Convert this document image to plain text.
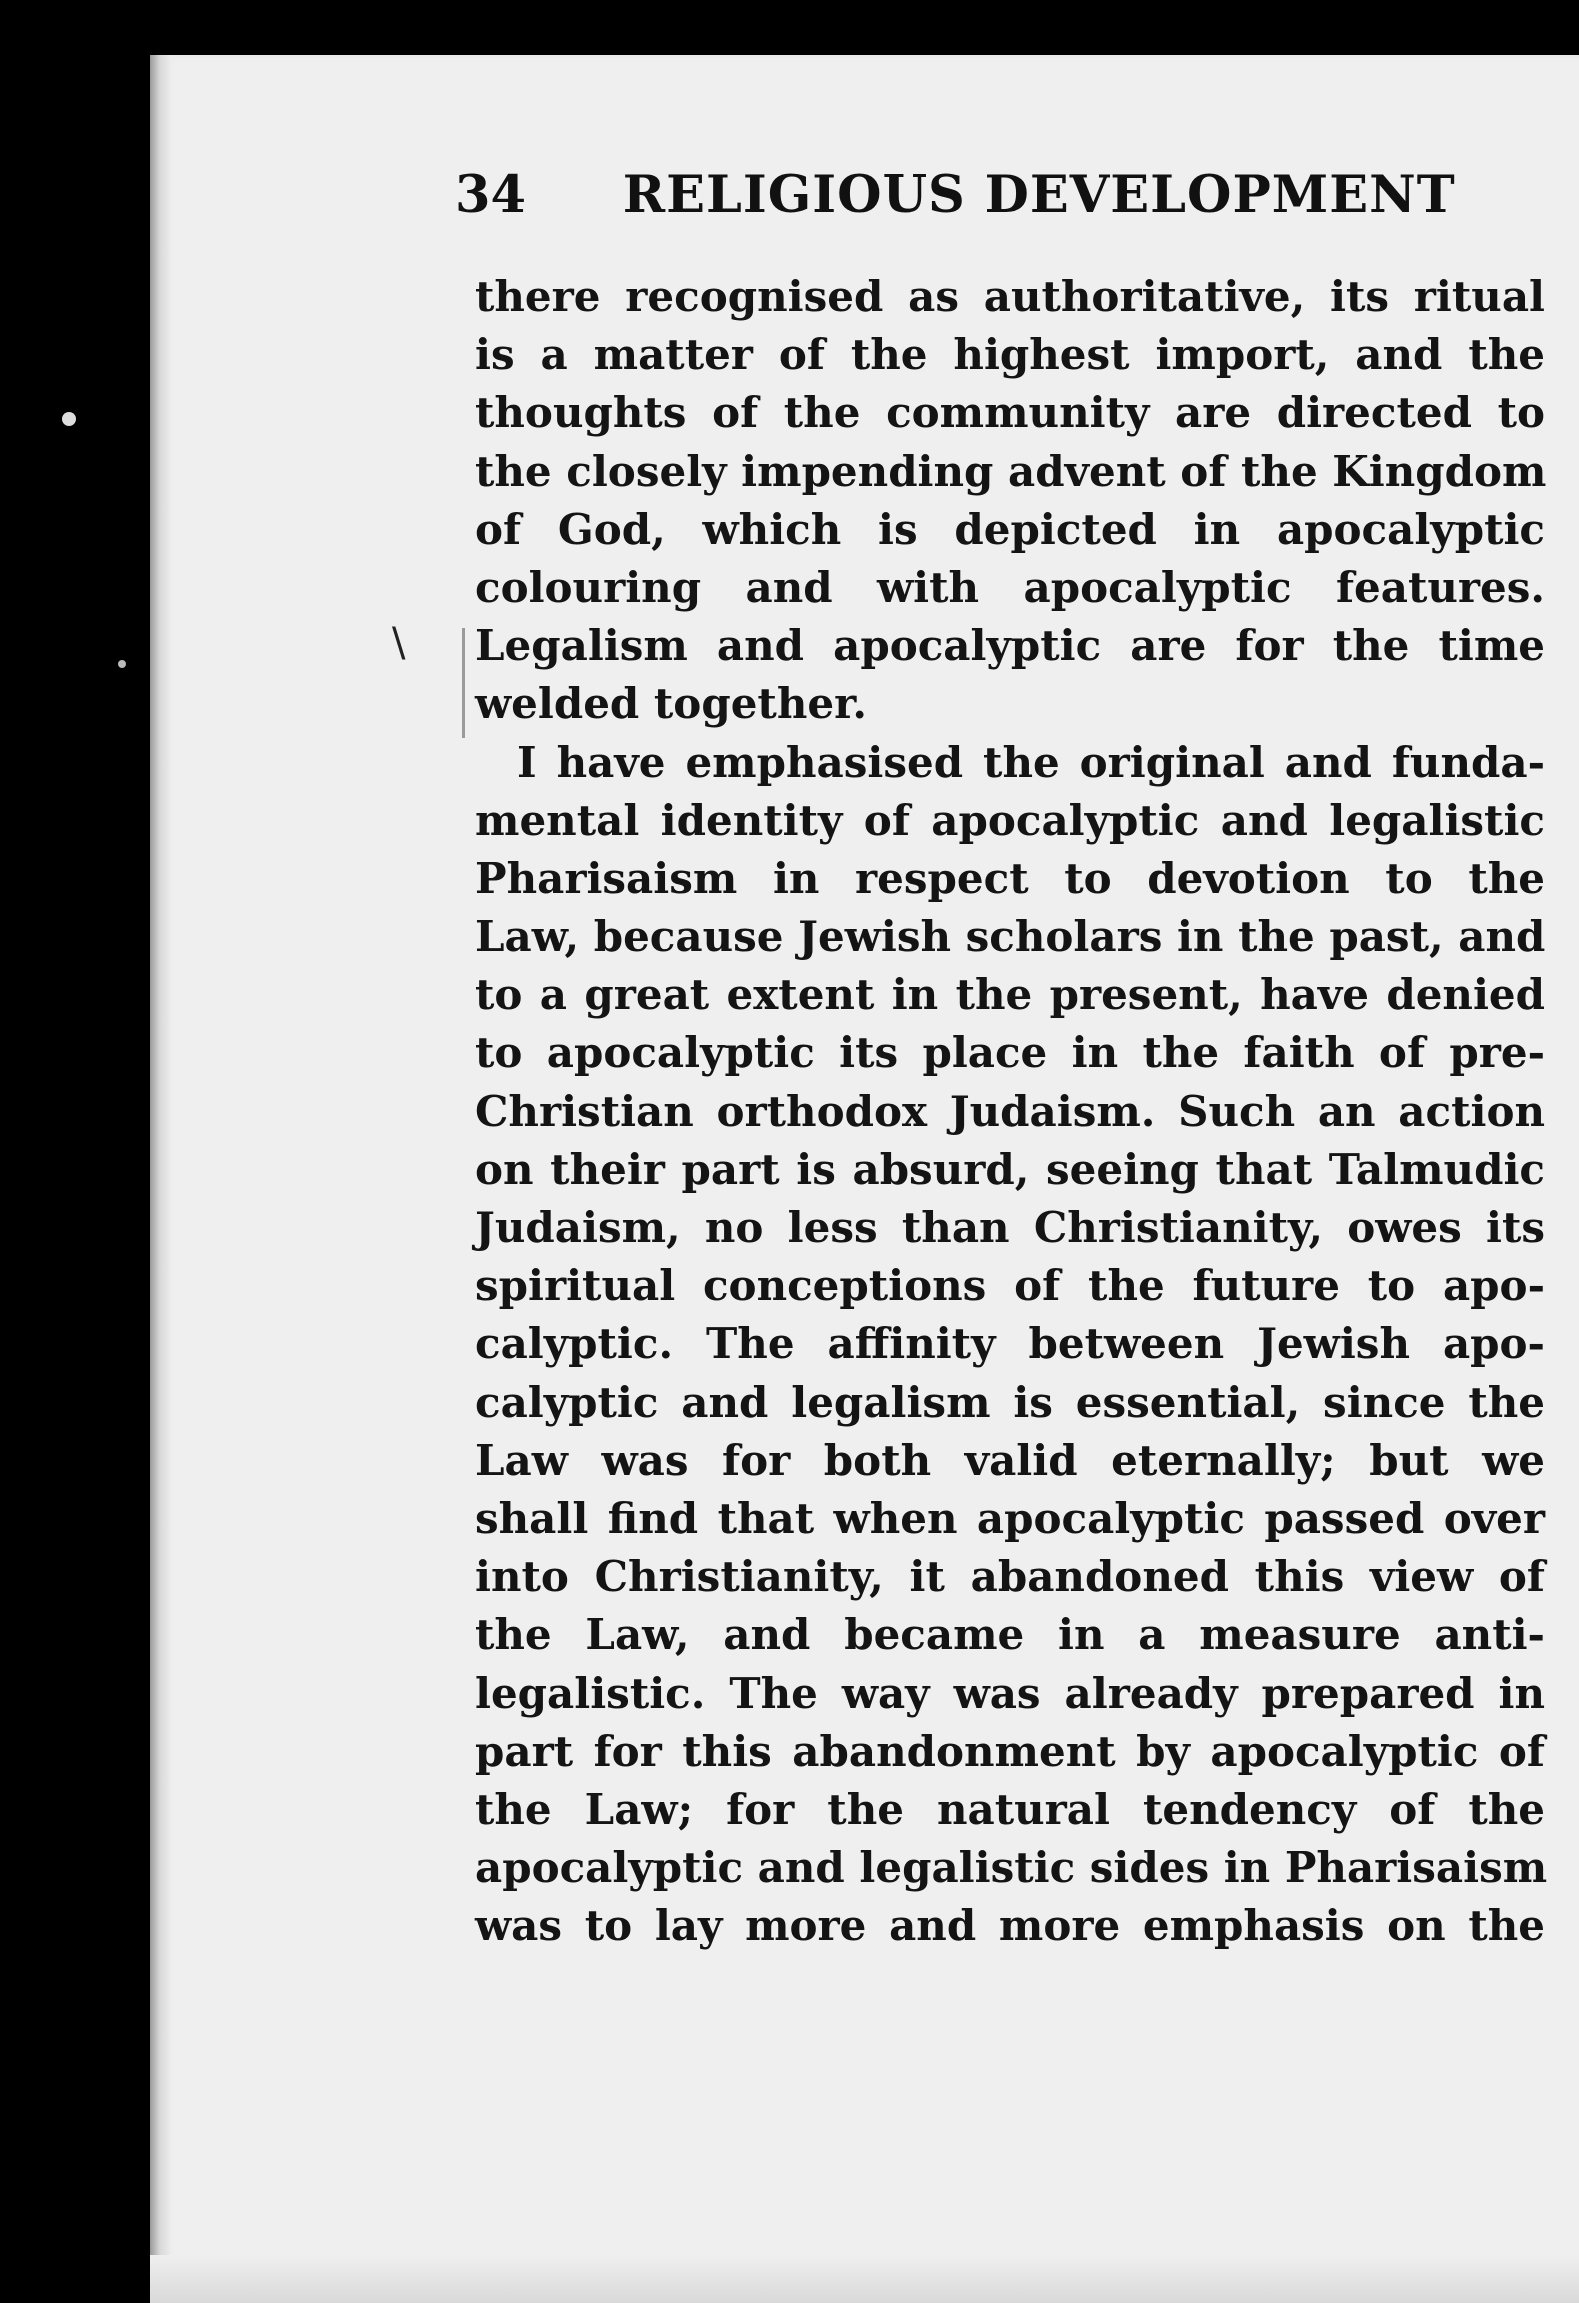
34 RELIGIOUS DEVELOPMENT
\
there recognised as authoritative, its ritual
is a matter of the highest import, and the
thoughts of the community are directed to
the closely impending advent of the Kingdom
of God, which is depicted in apocalyptic
colouring and with apocalyptic features.
Legalism and apocalyptic are for the time
welded together.
I have emphasised the original and funda-
mental identity of apocalyptic and legalistic
Pharisaism in respect to devotion to the
Law, because Jewish scholars in the past, and
to a great extent in the present, have denied
to apocalyptic its place in the faith of pre-
Christian orthodox Judaism. Such an action
on their part is absurd, seeing that Talmudic
Judaism, no less than Christianity, owes its
spiritual conceptions of the future to apo-
calyptic. The affinity between Jewish apo-
calyptic and legalism is essential, since the
Law was for both valid eternally; but we
shall find that when apocalyptic passed over
into Christianity, it abandoned this view of
the Law, and became in a measure anti-
legalistic. The way was already prepared in
part for this abandonment by apocalyptic of
the Law; for the natural tendency of the
apocalyptic and legalistic sides in Pharisaism
was to lay more and more emphasis on the
